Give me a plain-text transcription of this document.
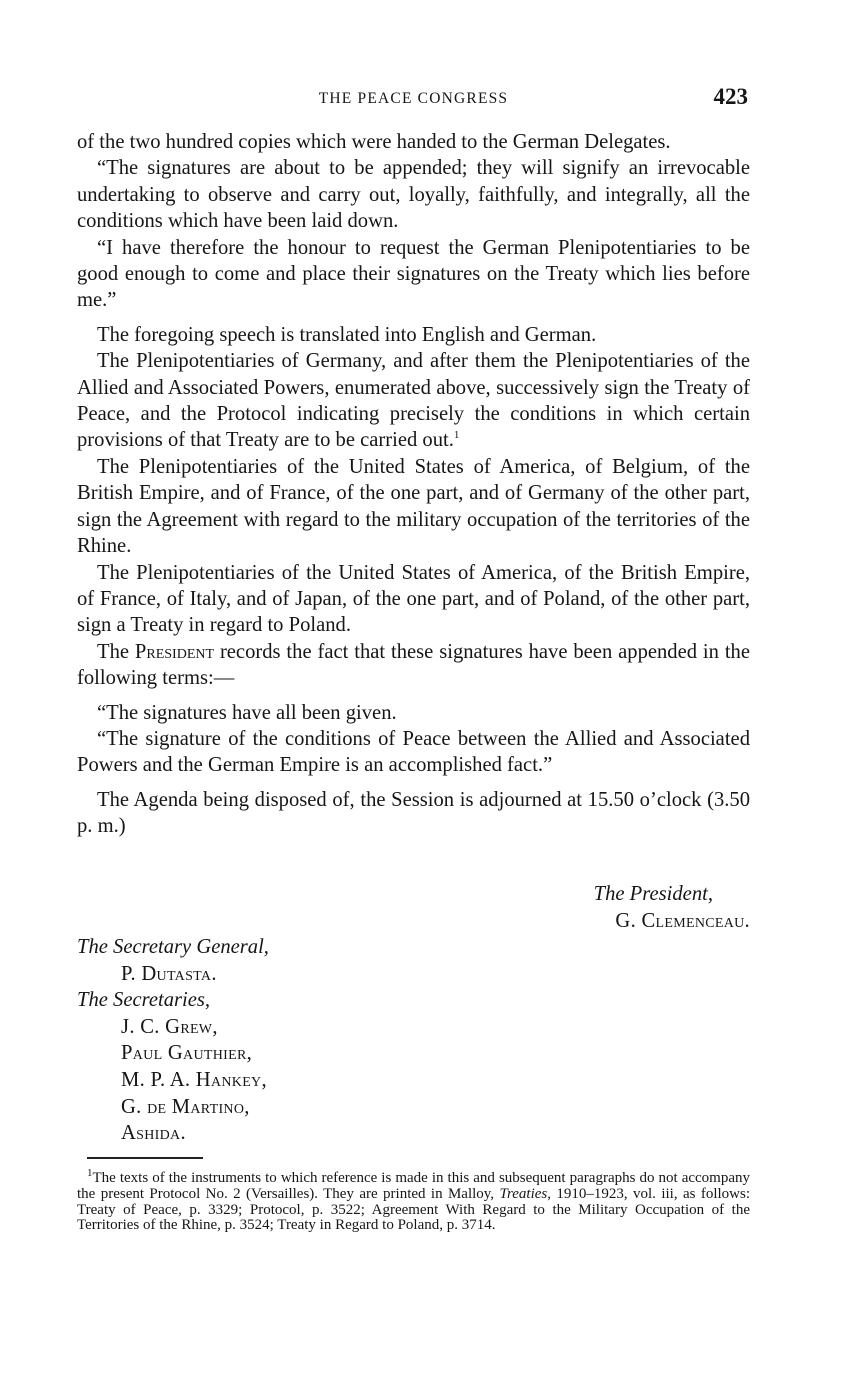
THE PEACE CONGRESS	423

of the two hundred copies which were handed to the German Delegates.

“The signatures are about to be appended; they will signify an irrevocable undertaking to observe and carry out, loyally, faithfully, and integrally, all the conditions which have been laid down.

“I have therefore the honour to request the German Plenipotentiaries to be good enough to come and place their signatures on the Treaty which lies before me.”

The foregoing speech is translated into English and German.

The Plenipotentiaries of Germany, and after them the Plenipotentiaries of the Allied and Associated Powers, enumerated above, successively sign the Treaty of Peace, and the Protocol indicating precisely the conditions in which certain provisions of that Treaty are to be carried out.$^1$

The Plenipotentiaries of the United States of America, of Belgium, of the British Empire, and of France, of the one part, and of Germany of the other part, sign the Agreement with regard to the military occupation of the territories of the Rhine.

The Plenipotentiaries of the United States of America, of the British Empire, of France, of Italy, and of Japan, of the one part, and of Poland, of the other part, sign a Treaty in regard to Poland.

The President records the fact that these signatures have been appended in the following terms:—

“The signatures have all been given.

“The signature of the conditions of Peace between the Allied and Associated Powers and the German Empire is an accomplished fact.”

The Agenda being disposed of, the Session is adjourned at 15.50 o’clock (3.50 p. m.)

The President,
G. Clemenceau.
The Secretary General,
P. Dutasta.
The Secretaries,
J. C. Grew,
Paul Gauthier,
M. P. A. Hankey,
G. de Martino,
Ashida.

$^1$The texts of the instruments to which reference is made in this and subsequent paragraphs do not accompany the present Protocol No. 2 (Versailles). They are printed in Malloy, Treaties, 1910–1923, vol. iii, as follows: Treaty of Peace, p. 3329; Protocol, p. 3522; Agreement With Regard to the Military Occupation of the Territories of the Rhine, p. 3524; Treaty in Regard to Poland, p. 3714.
